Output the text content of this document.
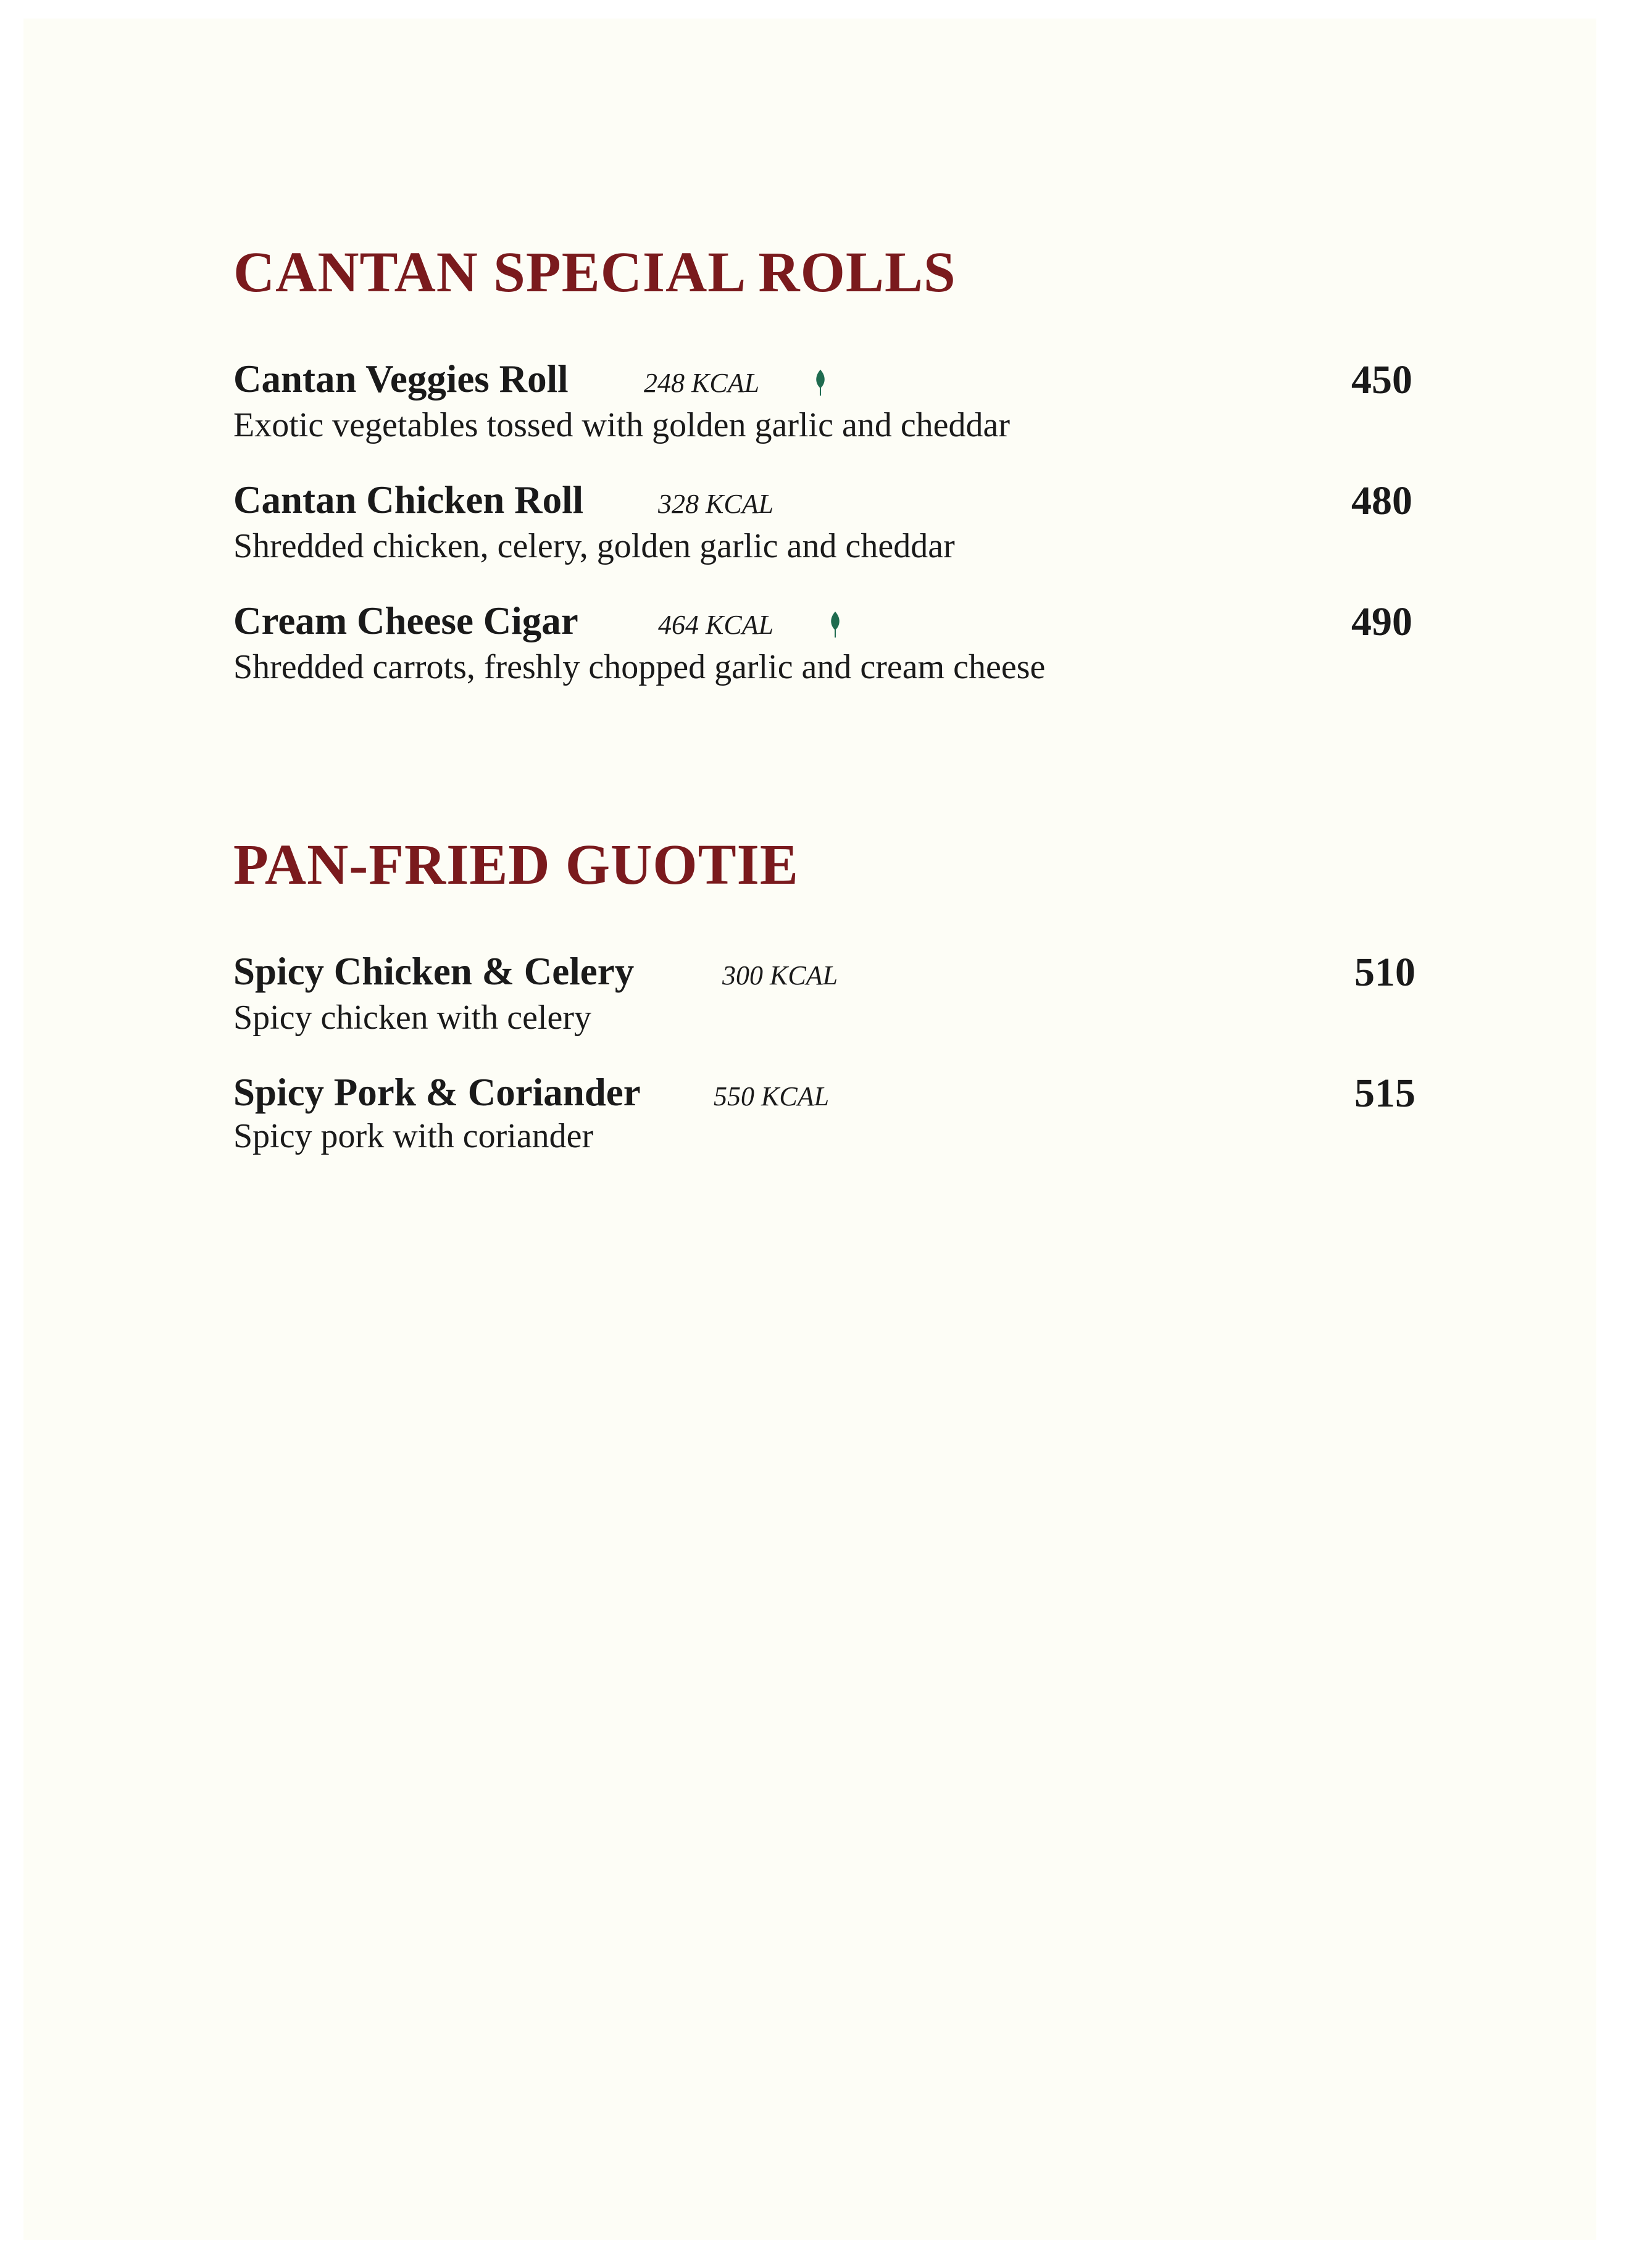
CANTAN SPECIAL ROLLS
Cantan Veggies Roll	248 KCAL	450
Exotic vegetables tossed with golden garlic and cheddar
Cantan Chicken Roll	328 KCAL	480
Shredded chicken, celery, golden garlic and cheddar
Cream Cheese Cigar	464 KCAL	490
Shredded carrots, freshly chopped garlic and cream cheese
PAN-FRIED GUOTIE
Spicy Chicken & Celery	300 KCAL	510
Spicy chicken with celery
Spicy Pork & Coriander	550 KCAL	515
Spicy pork with coriander
